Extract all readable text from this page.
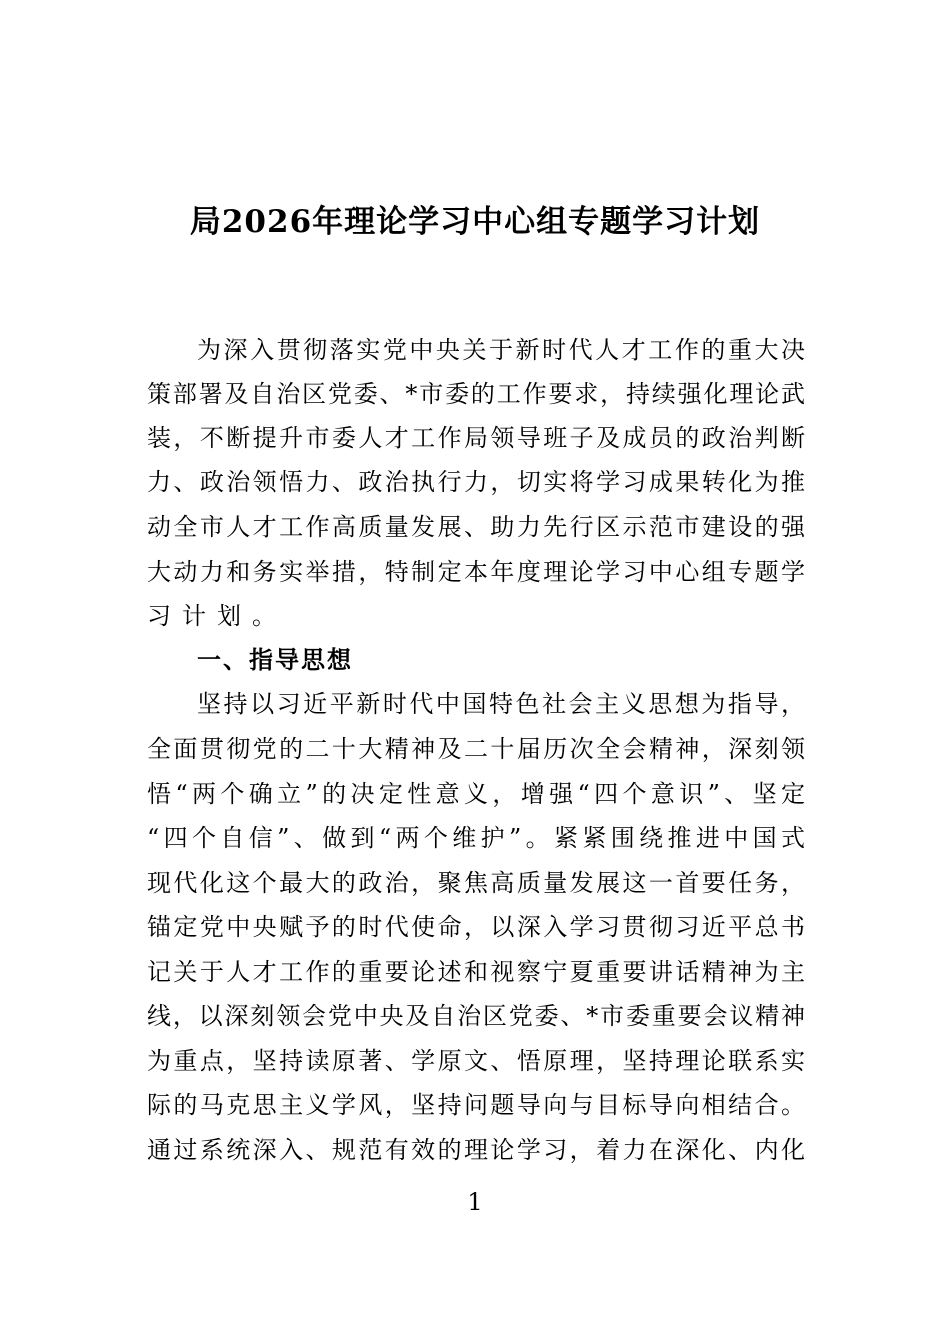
局2026年理论学习中心组专题学习计划
为深入贯彻落实党中央关于新时代人才工作的重大决
策部署及自治区党委、*市委的工作要求，持续强化理论武
装，不断提升市委人才工作局领导班子及成员的政治判断
力、政治领悟力、政治执行力，切实将学习成果转化为推
动全市人才工作高质量发展、助力先行区示范市建设的强
大动力和务实举措，特制定本年度理论学习中心组专题学
习计划。
一、指导思想
坚持以习近平新时代中国特色社会主义思想为指导，
全面贯彻党的二十大精神及二十届历次全会精神，深刻领
悟“两个确立”的决定性意义，增强“四个意识”、坚定
“四个自信”、做到“两个维护”。紧紧围绕推进中国式
现代化这个最大的政治，聚焦高质量发展这一首要任务，
锚定党中央赋予的时代使命，以深入学习贯彻习近平总书
记关于人才工作的重要论述和视察宁夏重要讲话精神为主
线，以深刻领会党中央及自治区党委、*市委重要会议精神
为重点，坚持读原著、学原文、悟原理，坚持理论联系实
际的马克思主义学风，坚持问题导向与目标导向相结合。
通过系统深入、规范有效的理论学习，着力在深化、内化
1
